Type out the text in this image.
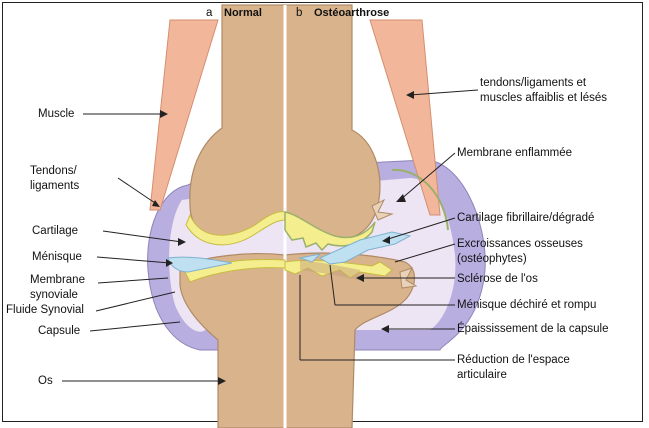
a Normal	b Ostéoarthrose
Muscle
Tendons/
ligaments
Cartilage
Ménisque
Membrane
synoviale
Fluide Synovial
Capsule
Os
tendons/ligaments et
muscles affaiblis et lésés
Membrane enflammée
Cartilage fibrillaire/dégradé
Excroissances osseuses
(ostéophytes)
Sclérose de l'os
Ménisque déchiré et rompu
Épaississement de la capsule
Réduction de l'espace
articulaire
